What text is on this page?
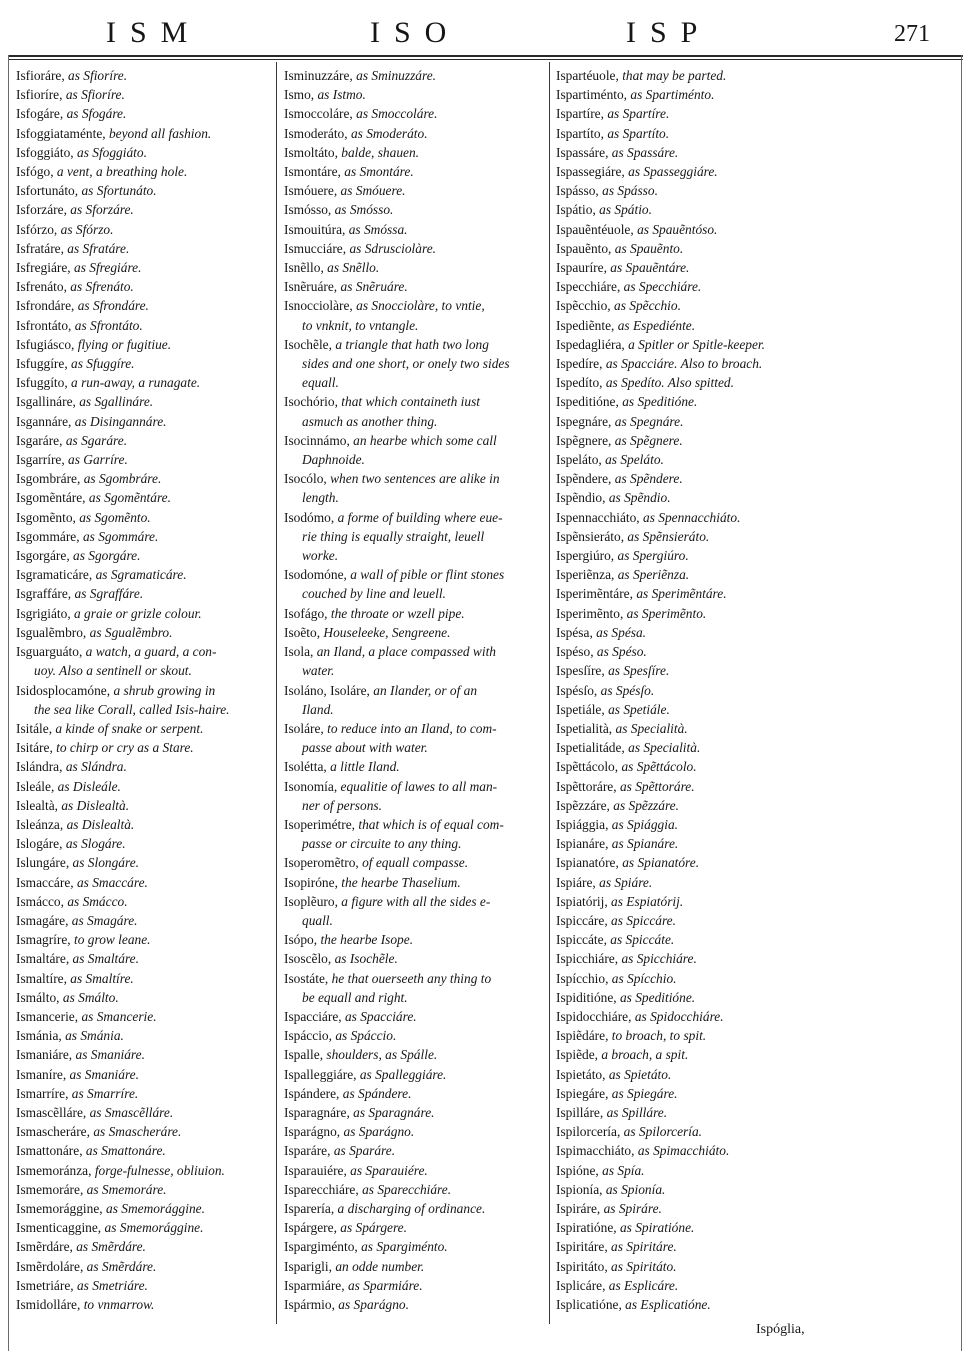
ISM	ISO	ISP	271
Isfioráre, as Sfioríre.
Isfioríre, as Sfioríre.
Isfogáre, as Sfogáre.
Isfoggiataménte, beyond all fashion.
Isfoggiáto, as Sfoggiáto.
Isfógo, a vent, a breathing hole.
Isfortunáto, as Sfortunáto.
Isforzáre, as Sforzáre.
Isfórzo, as Sfórzo.
Isfratáre, as Sfratáre.
Isfregiáre, as Sfregiáre.
Isfrenáto, as Sfrenáto.
Isfrondáre, as Sfrondáre.
Isfrontáto, as Sfrontáto.
Isfugiásco, flying or fugitiue.
Isfuggíre, as Sfuggíre.
Isfuggíto, a run-away, a runagate.
Isgallináre, as Sgallináre.
Isgannáre, as Disingannáre.
Isgaráre, as Sgaráre.
Isgarríre, as Garríre.
Isgombráre, as Sgombráre.
Isgomẽntáre, as Sgomẽntáre.
Isgomẽnto, as Sgomẽnto.
Isgommáre, as Sgommáre.
Isgorgáre, as Sgorgáre.
Isgramaticáre, as Sgramaticáre.
Isgraffáre, as Sgraffáre.
Isgrigiáto, a graie or grizle colour.
Isgualẽmbro, as Sgualẽmbro.
Isguarguáto, a watch, a guard, a con-
uoy. Also a sentinell or skout.
Isidosplocamóne, a shrub growing in
the sea like Corall, called Isis-haire.
Isitále, a kinde of snake or serpent.
Isitáre, to chirp or cry as a Stare.
Islándra, as Slándra.
Isleále, as Disleále.
Islealtà, as Dislealtà.
Isleánza, as Dislealtà.
Islogáre, as Slogáre.
Islungáre, as Slongáre.
Ismaccáre, as Smaccáre.
Ismácco, as Smácco.
Ismagáre, as Smagáre.
Ismagríre, to grow leane.
Ismaltáre, as Smaltáre.
Ismaltíre, as Smaltíre.
Ismálto, as Smálto.
Ismancerie, as Smancerie.
Ismánia, as Smánia.
Ismaniáre, as Smaniáre.
Ismaníre, as Smaniáre.
Ismarríre, as Smarríre.
Ismascẽlláre, as Smascẽlláre.
Ismascheráre, as Smascheráre.
Ismattonáre, as Smattonáre.
Ismemoránza, forge-fulnesse, obliuion.
Ismemoráre, as Smemoráre.
Ismemorággine, as Smemorággine.
Ismenticaggine, as Smemorággine.
Ismẽrdáre, as Smẽrdáre.
Ismẽrdoláre, as Smẽrdáre.
Ismetriáre, as Smetriáre.
Ismidolláre, to vnmarrow.
Isminuzzáre, as Sminuzzáre.
Ismo, as Istmo.
Ismoccoláre, as Smoccoláre.
Ismoderáto, as Smoderáto.
Ismoltáto, balde, shauen.
Ismontáre, as Smontáre.
Ismóuere, as Smóuere.
Ismósso, as Smósso.
Ismouitúra, as Smóssa.
Ismucciáre, as Sdrusciolàre.
Isnẽllo, as Snẽllo.
Isnẽruáre, as Snẽruáre.
Isnocciolàre, as Snocciolàre, to vntie,
to vnknit, to vntangle.
Isochẽle, a triangle that hath two long
sides and one short, or onely two sides
equall.
Isochório, that which containeth iust
asmuch as another thing.
Isocinnámo, an hearbe which some call
Daphnoide.
Isocólo, when two sentences are alike in
length.
Isodómo, a forme of building where eue-
rie thing is equally straight, leuell
worke.
Isodomóne, a wall of pible or flint stones
couched by line and leuell.
Isofágo, the throate or wzell pipe.
Isoẽto, Houseleeke, Sengreene.
Isola, an Iland, a place compassed with
water.
Isoláno, Isoláre, an Ilander, or of an
Iland.
Isoláre, to reduce into an Iland, to com-
passe about with water.
Isolétta, a little Iland.
Isonomía, equalitie of lawes to all man-
ner of persons.
Isoperimétre, that which is of equal com-
passe or circuite to any thing.
Isoperomẽtro, of equall compasse.
Isopiróne, the hearbe Thaselium.
Isoplẽuro, a figure with all the sides e-
quall.
Isópo, the hearbe Isope.
Isoscẽlo, as Isochẽle.
Isostáte, he that ouerseeth any thing to
be equall and right.
Ispacciáre, as Spacciáre.
Ispáccio, as Spáccio.
Ispalle, shoulders, as Spálle.
Ispalleggiáre, as Spalleggiáre.
Ispándere, as Spándere.
Isparagnáre, as Sparagnáre.
Isparágno, as Sparágno.
Isparáre, as Sparáre.
Isparauiére, as Sparauiére.
Isparecchiáre, as Sparecchiáre.
Isparería, a discharging of ordinance.
Ispárgere, as Spárgere.
Ispargiménto, as Spargiménto.
Isparigli, an odde number.
Isparmiáre, as Sparmiáre.
Ispármio, as Sparágno.
Ispartéuole, that may be parted.
Ispartiménto, as Spartiménto.
Ispartíre, as Spartíre.
Ispartíto, as Spartíto.
Ispassáre, as Spassáre.
Ispassegiáre, as Spasseggiáre.
Ispásso, as Spásso.
Ispátio, as Spátio.
Ispauẽntéuole, as Spauẽntóso.
Ispauẽnto, as Spauẽnto.
Ispauríre, as Spauẽntáre.
Ispecchiáre, as Specchiáre.
Ispẽcchio, as Spẽcchio.
Ispediẽnte, as Espediénte.
Ispedagliéra, a Spitler or Spitle-keeper.
Ispedíre, as Spacciáre. Also to broach.
Ispedíto, as Spedíto. Also spitted.
Ispeditióne, as Speditióne.
Ispegnáre, as Spegnáre.
Ispẽgnere, as Spẽgnere.
Ispeláto, as Speláto.
Ispẽndere, as Spẽndere.
Ispẽndio, as Spẽndio.
Ispennacchiáto, as Spennacchiáto.
Ispẽnsieráto, as Spẽnsieráto.
Ispergiúro, as Spergiúro.
Isperiẽnza, as Speriẽnza.
Isperimẽntáre, as Sperimẽntáre.
Isperimẽnto, as Sperimẽnto.
Ispésa, as Spésa.
Ispéso, as Spéso.
Ispesſíre, as Spesſíre.
Ispésſo, as Spésſo.
Ispetiále, as Spetiále.
Ispetialità, as Specialità.
Ispetialitáde, as Specialità.
Ispẽttácolo, as Spẽttácolo.
Ispẽttoráre, as Spẽttoráre.
Ispẽzzáre, as Spẽzzáre.
Ispiággia, as Spiággia.
Ispianáre, as Spianáre.
Ispianatóre, as Spianatóre.
Ispiáre, as Spiáre.
Ispiatórij, as Espiatórij.
Ispiccáre, as Spiccáre.
Ispiccáte, as Spiccáte.
Ispicchiáre, as Spicchiáre.
Ispícchio, as Spícchio.
Ispiditióne, as Speditióne.
Ispidocchiáre, as Spidocchiáre.
Ispiẽdáre, to broach, to spit.
Ispiẽde, a broach, a spit.
Ispietáto, as Spietáto.
Ispiegáre, as Spiegáre.
Ispilláre, as Spilláre.
Ispilorcería, as Spilorcería.
Ispimacchiáto, as Spimacchiáto.
Ispióne, as Spía.
Ispionía, as Spionía.
Ispiráre, as Spiráre.
Ispiratióne, as Spiratióne.
Ispiritáre, as Spiritáre.
Ispiritáto, as Spiritáto.
Isplicáre, as Esplicáre.
Isplicatióne, as Esplicatióne.
Ispóglia,
